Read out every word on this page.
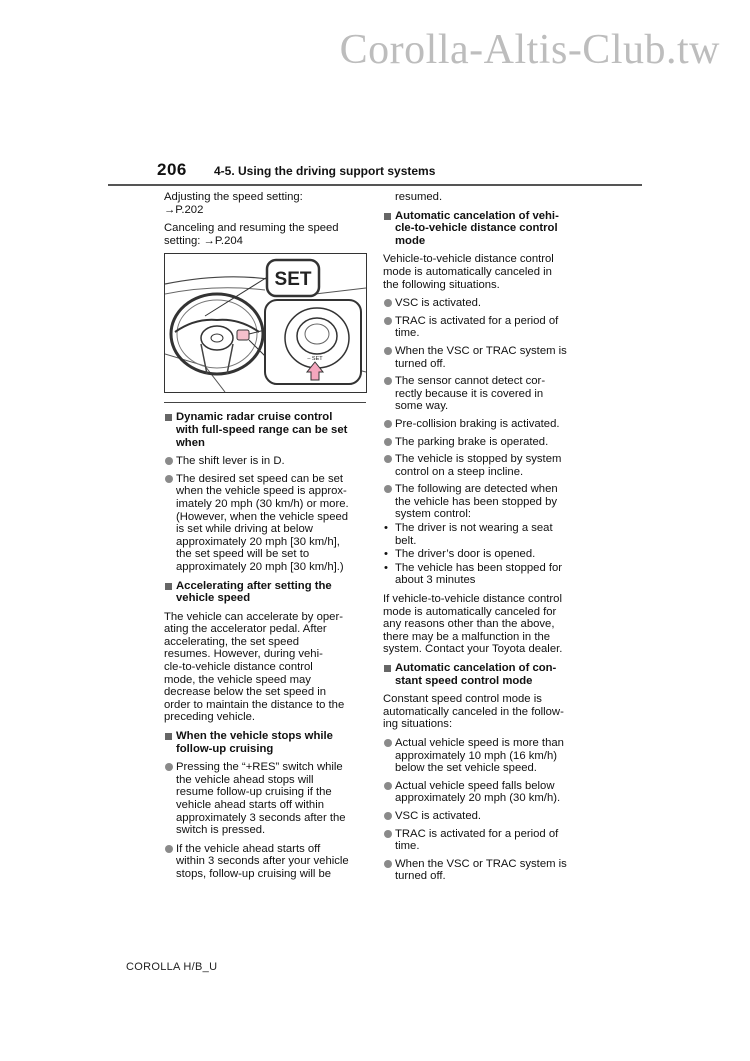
Corolla-Altis-Club.tw
206 4-5. Using the driving support systems

Adjusting the speed setting:
→P.202

Canceling and resuming the speed
setting: →P.204

SET
– SET
Dynamic radar cruise control
with full-speed range can be set
when
The shift lever is in D.
The desired set speed can be set
when the vehicle speed is approx-
imately 20 mph (30 km/h) or more.
(However, when the vehicle speed
is set while driving at below
approximately 20 mph [30 km/h],
the set speed will be set to
approximately 20 mph [30 km/h].)
Accelerating after setting the
vehicle speed

The vehicle can accelerate by oper-
ating the accelerator pedal. After
accelerating, the set speed
resumes. However, during vehi-
cle-to-vehicle distance control
mode, the vehicle speed may
decrease below the set speed in
order to maintain the distance to the
preceding vehicle.

When the vehicle stops while
follow-up cruising
Pressing the “+RES” switch while
the vehicle ahead stops will
resume follow-up cruising if the
vehicle ahead starts off within
approximately 3 seconds after the
switch is pressed.
If the vehicle ahead starts off
within 3 seconds after your vehicle
stops, follow-up cruising will be

resumed.

Automatic cancelation of vehi-
cle-to-vehicle distance control
mode

Vehicle-to-vehicle distance control
mode is automatically canceled in
the following situations.

VSC is activated.
TRAC is activated for a period of
time.
When the VSC or TRAC system is
turned off.
The sensor cannot detect cor-
rectly because it is covered in
some way.
Pre-collision braking is activated.
The parking brake is operated.
The vehicle is stopped by system
control on a steep incline.
The following are detected when
the vehicle has been stopped by
system control:
• The driver is not wearing a seat
belt.
• The driver’s door is opened.
• The vehicle has been stopped for
about 3 minutes

If vehicle-to-vehicle distance control
mode is automatically canceled for
any reasons other than the above,
there may be a malfunction in the
system. Contact your Toyota dealer.

Automatic cancelation of con-
stant speed control mode

Constant speed control mode is
automatically canceled in the follow-
ing situations:

Actual vehicle speed is more than
approximately 10 mph (16 km/h)
below the set vehicle speed.
Actual vehicle speed falls below
approximately 20 mph (30 km/h).
VSC is activated.
TRAC is activated for a period of
time.
When the VSC or TRAC system is
turned off.
COROLLA H/B_U
